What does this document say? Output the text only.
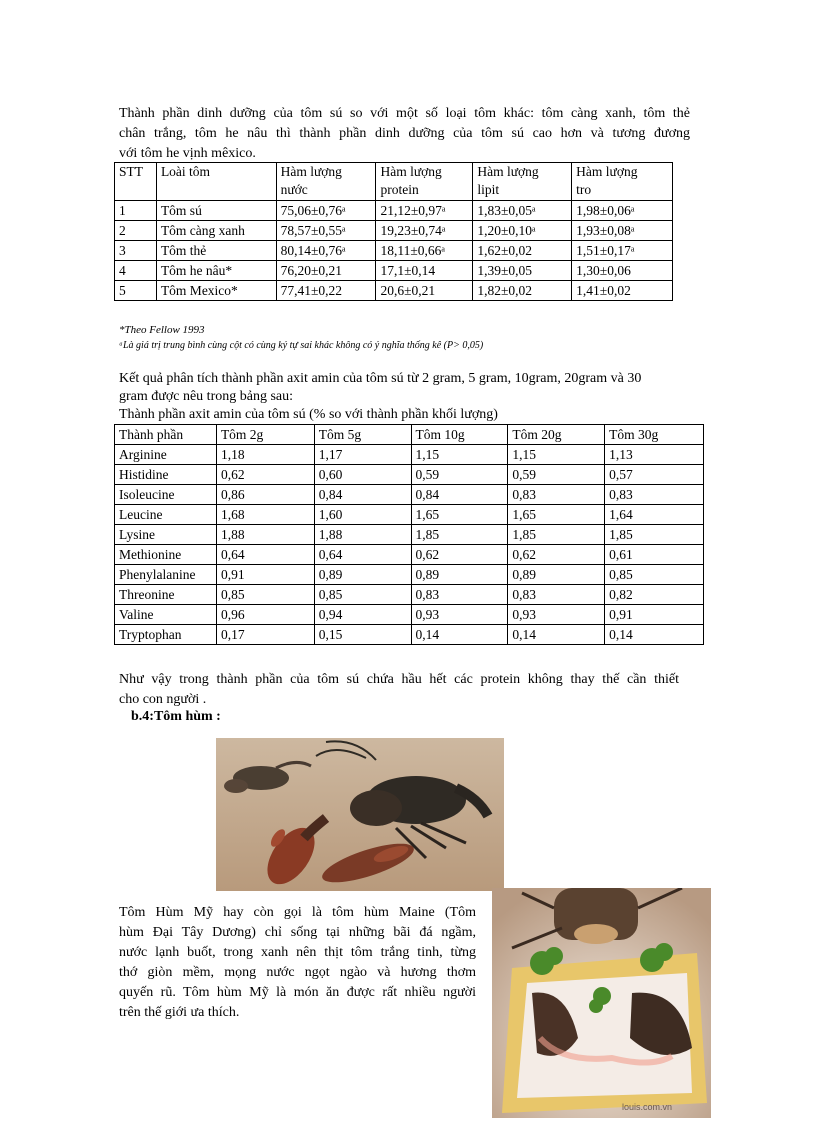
Thành phần dinh dưỡng của tôm sú so với một số loại tôm khác: tôm càng xanh, tôm thẻ
chân trắng, tôm he nâu thì thành phần dinh dưỡng của tôm sú cao hơn và tương đương
với tôm he vịnh mêxico.
STT	Loài tôm	Hàm lượng nước	Hàm lượng protein	Hàm lượng lipit	Hàm lượng tro
1	Tôm sú	75,06±0,76ᵃ	21,12±0,97ᵃ	1,83±0,05ᵃ	1,98±0,06ᵃ
2	Tôm càng xanh	78,57±0,55ᵃ	19,23±0,74ᵃ	1,20±0,10ᵃ	1,93±0,08ᵃ
3	Tôm thẻ	80,14±0,76ᵃ	18,11±0,66ᵃ	1,62±0,02	1,51±0,17ᵃ
4	Tôm he nâu*	76,20±0,21	17,1±0,14	1,39±0,05	1,30±0,06
5	Tôm Mexico*	77,41±0,22	20,6±0,21	1,82±0,02	1,41±0,02
*Theo Fellow 1993
ᵃLà giá trị trung bình cùng cột có cùng ký tự sai khác không có ý nghĩa thống kê (P> 0,05)
Kết quả phân tích thành phần axit amin của tôm sú từ 2 gram, 5 gram, 10gram, 20gram và 30
gram được nêu trong bảng sau:
Thành phần axit amin của tôm sú (% so với thành phần khối lượng)
Thành phần	Tôm 2g	Tôm 5g	Tôm 10g	Tôm 20g	Tôm 30g
Arginine	1,18	1,17	1,15	1,15	1,13
Histidine	0,62	0,60	0,59	0,59	0,57
Isoleucine	0,86	0,84	0,84	0,83	0,83
Leucine	1,68	1,60	1,65	1,65	1,64
Lysine	1,88	1,88	1,85	1,85	1,85
Methionine	0,64	0,64	0,62	0,62	0,61
Phenylalanine	0,91	0,89	0,89	0,89	0,85
Threonine	0,85	0,85	0,83	0,83	0,82
Valine	0,96	0,94	0,93	0,93	0,91
Tryptophan	0,17	0,15	0,14	0,14	0,14
Như vậy trong thành phần của tôm sú chứa hầu hết các protein không thay thế cần thiết
cho con người .
b.4:Tôm hùm :
Tôm Hùm Mỹ hay còn gọi là tôm hùm Maine (Tôm
hùm Đại Tây Dương) chỉ sống tại những bãi đá ngầm,
nước lạnh buốt, trong xanh nên thịt tôm trắng tinh, từng
thớ giòn mềm, mọng nước ngọt ngào và hương thơm
quyến rũ. Tôm hùm Mỹ là món ăn được rất nhiều người
trên thế giới ưa thích.
louis.com.vn
